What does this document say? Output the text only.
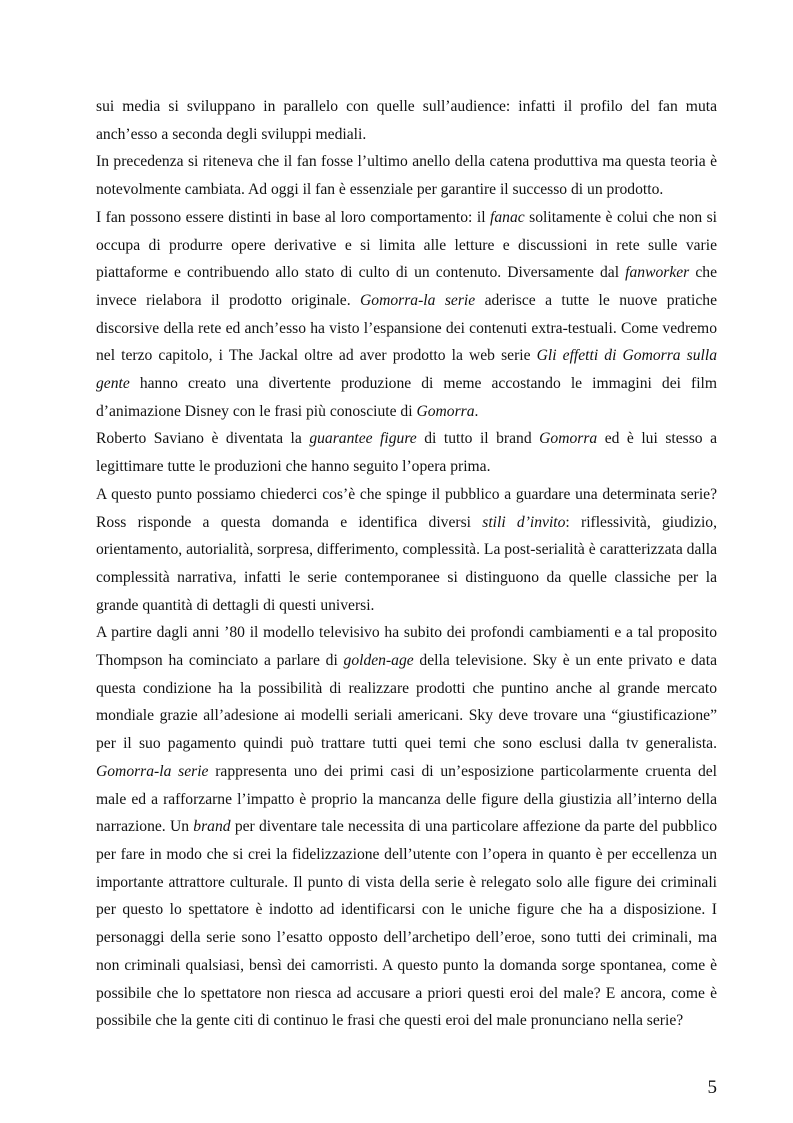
sui media si sviluppano in parallelo con quelle sull’audience: infatti il profilo del fan muta anch’esso a seconda degli sviluppi mediali.

In precedenza si riteneva che il fan fosse l’ultimo anello della catena produttiva ma questa teoria è notevolmente cambiata. Ad oggi il fan è essenziale per garantire il successo di un prodotto.

I fan possono essere distinti in base al loro comportamento: il fanac solitamente è colui che non si occupa di produrre opere derivative e si limita alle letture e discussioni in rete sulle varie piattaforme e contribuendo allo stato di culto di un contenuto. Diversamente dal fanworker che invece rielabora il prodotto originale. Gomorra-la serie aderisce a tutte le nuove pratiche discorsive della rete ed anch’esso ha visto l’espansione dei contenuti extra-testuali. Come vedremo nel terzo capitolo, i The Jackal oltre ad aver prodotto la web serie Gli effetti di Gomorra sulla gente hanno creato una divertente produzione di meme accostando le immagini dei film d’animazione Disney con le frasi più conosciute di Gomorra.

Roberto Saviano è diventata la guarantee figure di tutto il brand Gomorra ed è lui stesso a legittimare tutte le produzioni che hanno seguito l’opera prima.

A questo punto possiamo chiederci cos’è che spinge il pubblico a guardare una determinata serie? Ross risponde a questa domanda e identifica diversi stili d’invito: riflessività, giudizio, orientamento, autorialità, sorpresa, differimento, complessità. La post-serialità è caratterizzata dalla complessità narrativa, infatti le serie contemporanee si distinguono da quelle classiche per la grande quantità di dettagli di questi universi.

A partire dagli anni ’80 il modello televisivo ha subito dei profondi cambiamenti e a tal proposito Thompson ha cominciato a parlare di golden-age della televisione. Sky è un ente privato e data questa condizione ha la possibilità di realizzare prodotti che puntino anche al grande mercato mondiale grazie all’adesione ai modelli seriali americani. Sky deve trovare una “giustificazione” per il suo pagamento quindi può trattare tutti quei temi che sono esclusi dalla tv generalista. Gomorra-la serie rappresenta uno dei primi casi di un’esposizione particolarmente cruenta del male ed a rafforzarne l’impatto è proprio la mancanza delle figure della giustizia all’interno della narrazione. Un brand per diventare tale necessita di una particolare affezione da parte del pubblico per fare in modo che si crei la fidelizzazione dell’utente con l’opera in quanto è per eccellenza un importante attrattore culturale. Il punto di vista della serie è relegato solo alle figure dei criminali per questo lo spettatore è indotto ad identificarsi con le uniche figure che ha a disposizione. I personaggi della serie sono l’esatto opposto dell’archetipo dell’eroe, sono tutti dei criminali, ma non criminali qualsiasi, bensì dei camorristi. A questo punto la domanda sorge spontanea, come è possibile che lo spettatore non riesca ad accusare a priori questi eroi del male? E ancora, come è possibile che la gente citi di continuo le frasi che questi eroi del male pronunciano nella serie?

5
